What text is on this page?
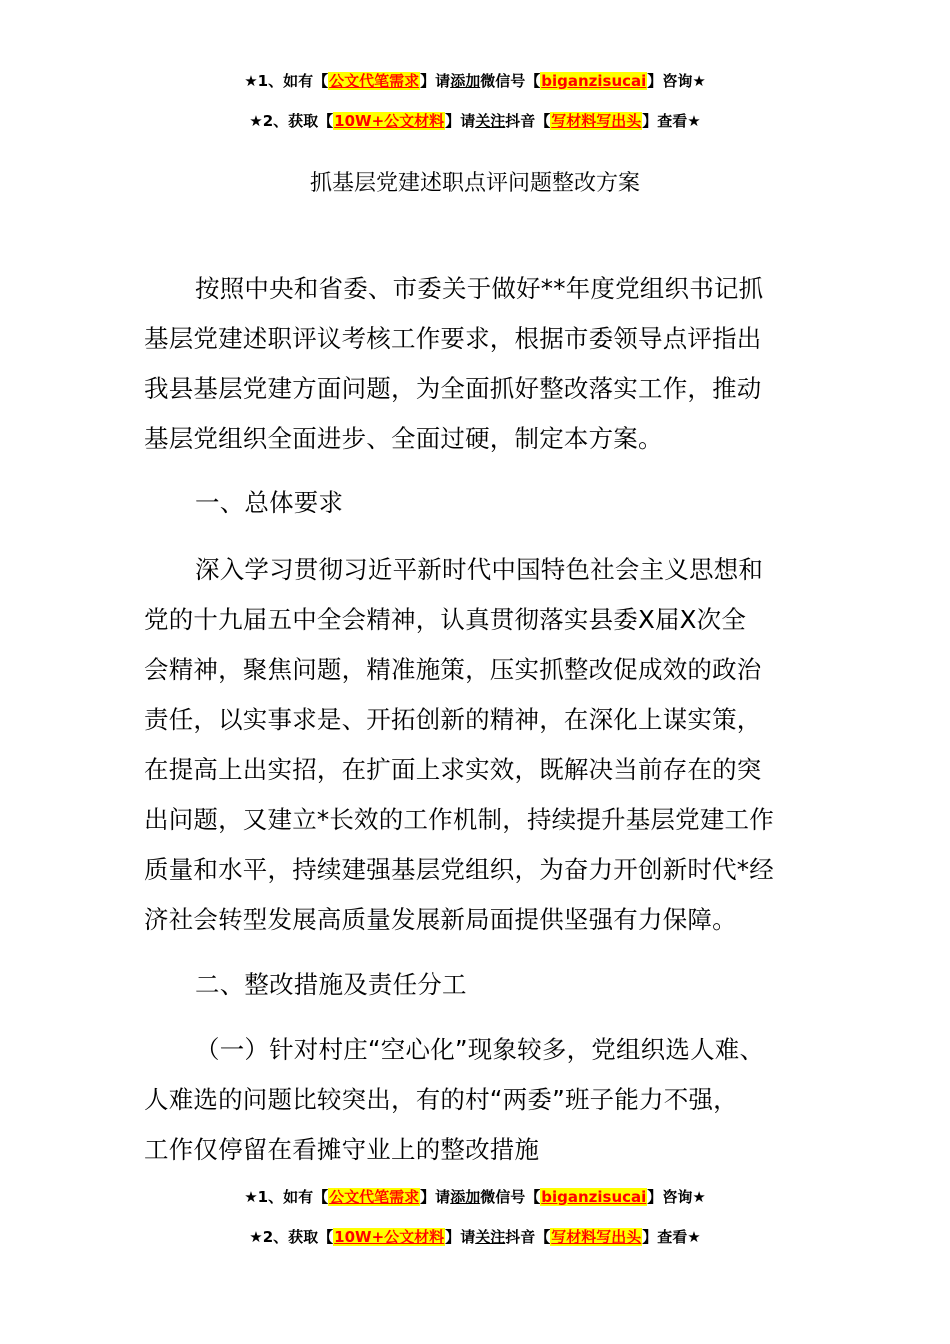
★1、如有【公文代笔需求】请添加微信号【biganzisucai】咨询★
★2、获取【10W+公文材料】请关注抖音【写材料写出头】查看★
抓基层党建述职点评问题整改方案
按照中央和省委、市委关于做好**年度党组织书记抓
基层党建述职评议考核工作要求，根据市委领导点评指出
我县基层党建方面问题，为全面抓好整改落实工作，推动
基层党组织全面进步、全面过硬，制定本方案。
一、总体要求
深入学习贯彻习近平新时代中国特色社会主义思想和
党的十九届五中全会精神，认真贯彻落实县委X届X次全
会精神，聚焦问题，精准施策，压实抓整改促成效的政治
责任，以实事求是、开拓创新的精神，在深化上谋实策，
在提高上出实招，在扩面上求实效，既解决当前存在的突
出问题，又建立*长效的工作机制，持续提升基层党建工作
质量和水平，持续建强基层党组织，为奋力开创新时代*经
济社会转型发展高质量发展新局面提供坚强有力保障。
二、整改措施及责任分工
（一）针对村庄“空心化”现象较多，党组织选人难、
人难选的问题比较突出，有的村“两委”班子能力不强，
工作仅停留在看摊守业上的整改措施
★1、如有【公文代笔需求】请添加微信号【biganzisucai】咨询★
★2、获取【10W+公文材料】请关注抖音【写材料写出头】查看★
